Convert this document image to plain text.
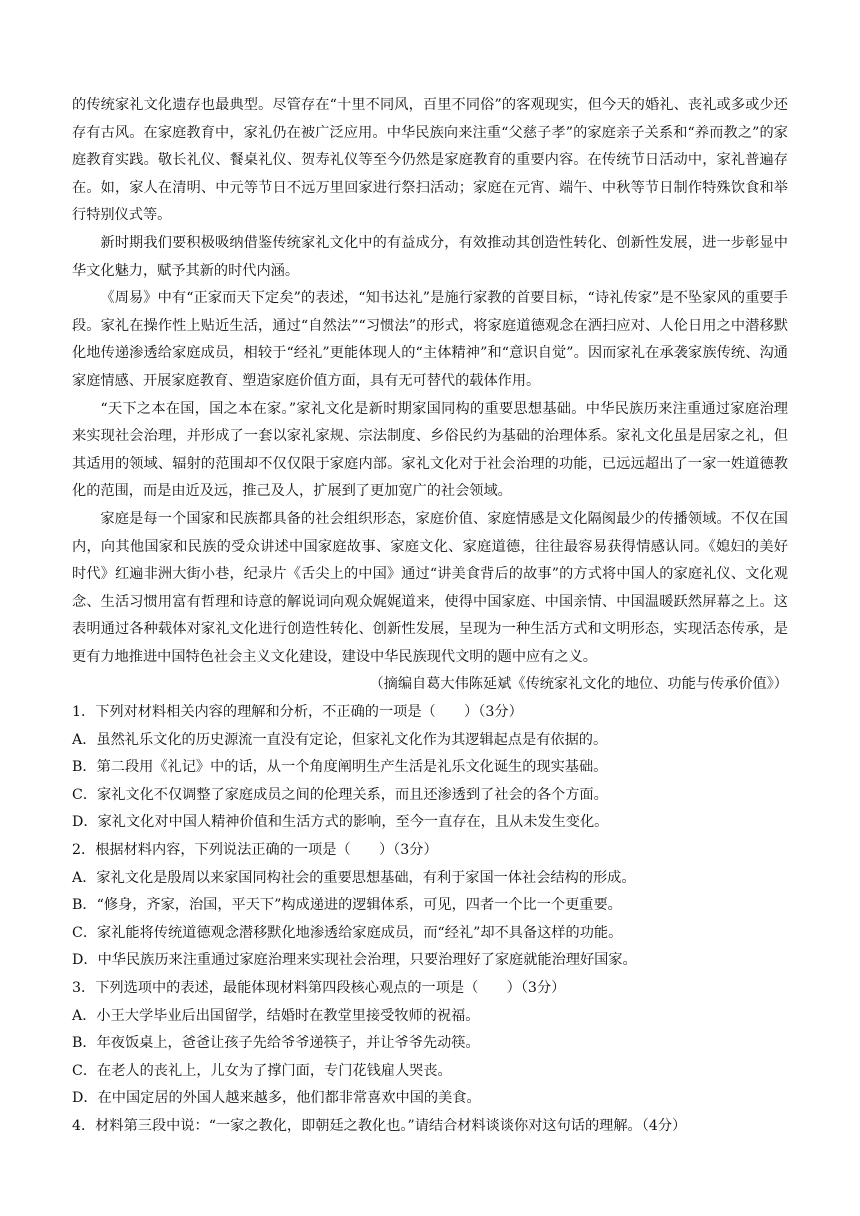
的传统家礼文化遗存也最典型。尽管存在“十里不同风，百里不同俗”的客观现实，但今天的婚礼、丧礼或多或少还存有古风。在家庭教育中，家礼仍在被广泛应用。中华民族向来注重“父慈子孝”的家庭亲子关系和“养而教之”的家庭教育实践。敬长礼仪、餐桌礼仪、贺寿礼仪等至今仍然是家庭教育的重要内容。在传统节日活动中，家礼普遍存在。如，家人在清明、中元等节日不远万里回家进行祭扫活动；家庭在元宵、端午、中秋等节日制作特殊饮食和举行特别仪式等。

新时期我们要积极吸纳借鉴传统家礼文化中的有益成分，有效推动其创造性转化、创新性发展，进一步彰显中华文化魅力，赋予其新的时代内涵。

《周易》中有“正家而天下定矣”的表述，“知书达礼”是施行家教的首要目标，“诗礼传家”是不坠家风的重要手段。家礼在操作性上贴近生活，通过“自然法”“习惯法”的形式，将家庭道德观念在洒扫应对、人伦日用之中潜移默化地传递渗透给家庭成员，相较于“经礼”更能体现人的“主体精神”和“意识自觉”。因而家礼在承袭家族传统、沟通家庭情感、开展家庭教育、塑造家庭价值方面，具有无可替代的载体作用。

“天下之本在国，国之本在家。”家礼文化是新时期家国同构的重要思想基础。中华民族历来注重通过家庭治理来实现社会治理，并形成了一套以家礼家规、宗法制度、乡俗民约为基础的治理体系。家礼文化虽是居家之礼，但其适用的领域、辐射的范围却不仅仅限于家庭内部。家礼文化对于社会治理的功能，已远远超出了一家一姓道德教化的范围，而是由近及远，推己及人，扩展到了更加宽广的社会领域。

家庭是每一个国家和民族都具备的社会组织形态，家庭价值、家庭情感是文化隔阂最少的传播领域。不仅在国内，向其他国家和民族的受众讲述中国家庭故事、家庭文化、家庭道德，往往最容易获得情感认同。《媳妇的美好时代》红遍非洲大街小巷，纪录片《舌尖上的中国》通过“讲美食背后的故事”的方式将中国人的家庭礼仪、文化观念、生活习惯用富有哲理和诗意的解说词向观众娓娓道来，使得中国家庭、中国亲情、中国温暖跃然屏幕之上。这表明通过各种载体对家礼文化进行创造性转化、创新性发展，呈现为一种生活方式和文明形态，实现活态传承，是更有力地推进中国特色社会主义文化建设，建设中华民族现代文明的题中应有之义。

（摘编自葛大伟陈延斌《传统家礼文化的地位、功能与传承价值》）

1．下列对材料相关内容的理解和分析，不正确的一项是（　　）（3分）

A．虽然礼乐文化的历史源流一直没有定论，但家礼文化作为其逻辑起点是有依据的。

B．第二段用《礼记》中的话，从一个角度阐明生产生活是礼乐文化诞生的现实基础。

C．家礼文化不仅调整了家庭成员之间的伦理关系，而且还渗透到了社会的各个方面。

D．家礼文化对中国人精神价值和生活方式的影响，至今一直存在，且从未发生变化。

2．根据材料内容，下列说法正确的一项是（　　）（3分）

A．家礼文化是殷周以来家国同构社会的重要思想基础，有利于家国一体社会结构的形成。

B．“修身，齐家，治国，平天下”构成递进的逻辑体系，可见，四者一个比一个更重要。

C．家礼能将传统道德观念潜移默化地渗透给家庭成员，而“经礼”却不具备这样的功能。

D．中华民族历来注重通过家庭治理来实现社会治理，只要治理好了家庭就能治理好国家。

3．下列选项中的表述，最能体现材料第四段核心观点的一项是（　　）（3分）

A．小王大学毕业后出国留学，结婚时在教堂里接受牧师的祝福。

B．年夜饭桌上，爸爸让孩子先给爷爷递筷子，并让爷爷先动筷。

C．在老人的丧礼上，儿女为了撑门面，专门花钱雇人哭丧。

D．在中国定居的外国人越来越多，他们都非常喜欢中国的美食。

4．材料第三段中说：“一家之教化，即朝廷之教化也。”请结合材料谈谈你对这句话的理解。（4分）
